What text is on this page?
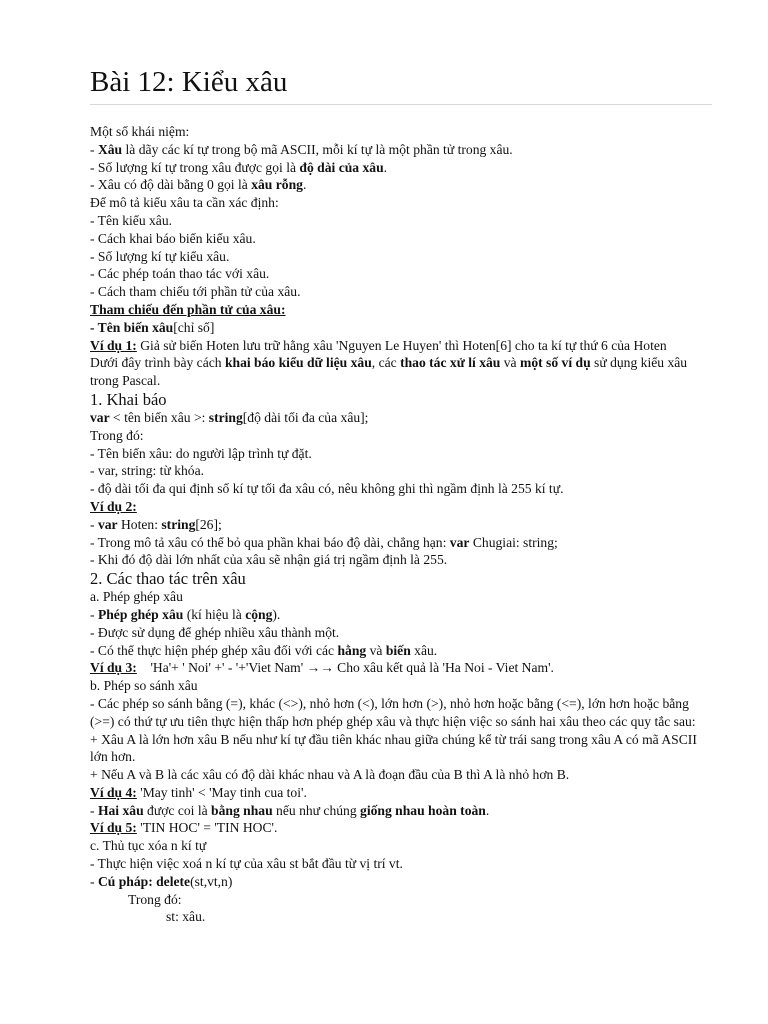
Bài 12: Kiểu xâu

Một số khái niệm:

- Xâu là dãy các kí tự trong bộ mã ASCII, mỗi kí tự là một phần tử trong xâu.

- Số lượng kí tự trong xâu được gọi là độ dài của xâu.

- Xâu có độ dài bằng 0 gọi là xâu rỗng.

Để mô tả kiểu xâu ta cần xác định:

- Tên kiểu xâu.

- Cách khai báo biến kiểu xâu.

- Số lượng kí tự kiểu xâu.

- Các phép toán thao tác với xâu.

- Cách tham chiếu tới phần tử của xâu.

Tham chiếu đến phần tử của xâu:

- Tên biến xâu[chỉ số]

Ví dụ 1: Giả sử biến Hoten lưu trữ hằng xâu 'Nguyen Le Huyen' thì Hoten[6] cho ta kí tự thứ 6 của Hoten

Dưới đây trình bày cách khai báo kiểu dữ liệu xâu, các thao tác xử lí xâu và một số ví dụ sử dụng kiểu xâu trong Pascal.

1. Khai báo

var < tên biến xâu >: string[độ dài tối đa của xâu];

Trong đó:

- Tên biến xâu: do người lập trình tự đặt.

- var, string: từ khóa.

- độ dài tối đa qui định số kí tự tối đa xâu có, nêu không ghi thì ngầm định là 255 kí tự.

Ví dụ 2:

- var Hoten: string[26];

- Trong mô tả xâu có thể bỏ qua phần khai báo độ dài, chẳng hạn: var Chugiai: string;

- Khi đó độ dài lớn nhất của xâu sẽ nhận giá trị ngầm định là 255.

2. Các thao tác trên xâu

a. Phép ghép xâu

- Phép ghép xâu (kí hiệu là cộng).

- Được sử dụng để ghép nhiều xâu thành một.

- Có thể thực hiện phép ghép xâu đối với các hằng và biến xâu.

Ví dụ 3:    'Ha'+ ' Noi' +' - '+'Viet Nam' →→ Cho xâu kết quả là 'Ha Noi - Viet Nam'.

b. Phép so sánh xâu

- Các phép so sánh bằng (=), khác (<>), nhỏ hơn (<), lớn hơn (>), nhỏ hơn hoặc bằng (<=), lớn hơn hoặc bằng (>=) có thứ tự ưu tiên thực hiện thấp hơn phép ghép xâu và thực hiện việc so sánh hai xâu theo các quy tắc sau:

+ Xâu A là lớn hơn xâu B nếu như kí tự đầu tiên khác nhau giữa chúng kể từ trái sang trong xâu A có mã ASCII lớn hơn.

+ Nếu A và B là các xâu có độ dài khác nhau và A là đoạn đầu của B thì A là nhỏ hơn B.

Ví dụ 4: 'May tinh' < 'May tinh cua toi'.

- Hai xâu được coi là bằng nhau nếu như chúng giống nhau hoàn toàn.

Ví dụ 5: 'TIN HOC' = 'TIN HOC'.

c. Thủ tục xóa n kí tự

- Thực hiện việc xoá n kí tự của xâu st bắt đầu từ vị trí vt.

- Cú pháp: delete(st,vt,n)

Trong đó:

st: xâu.
